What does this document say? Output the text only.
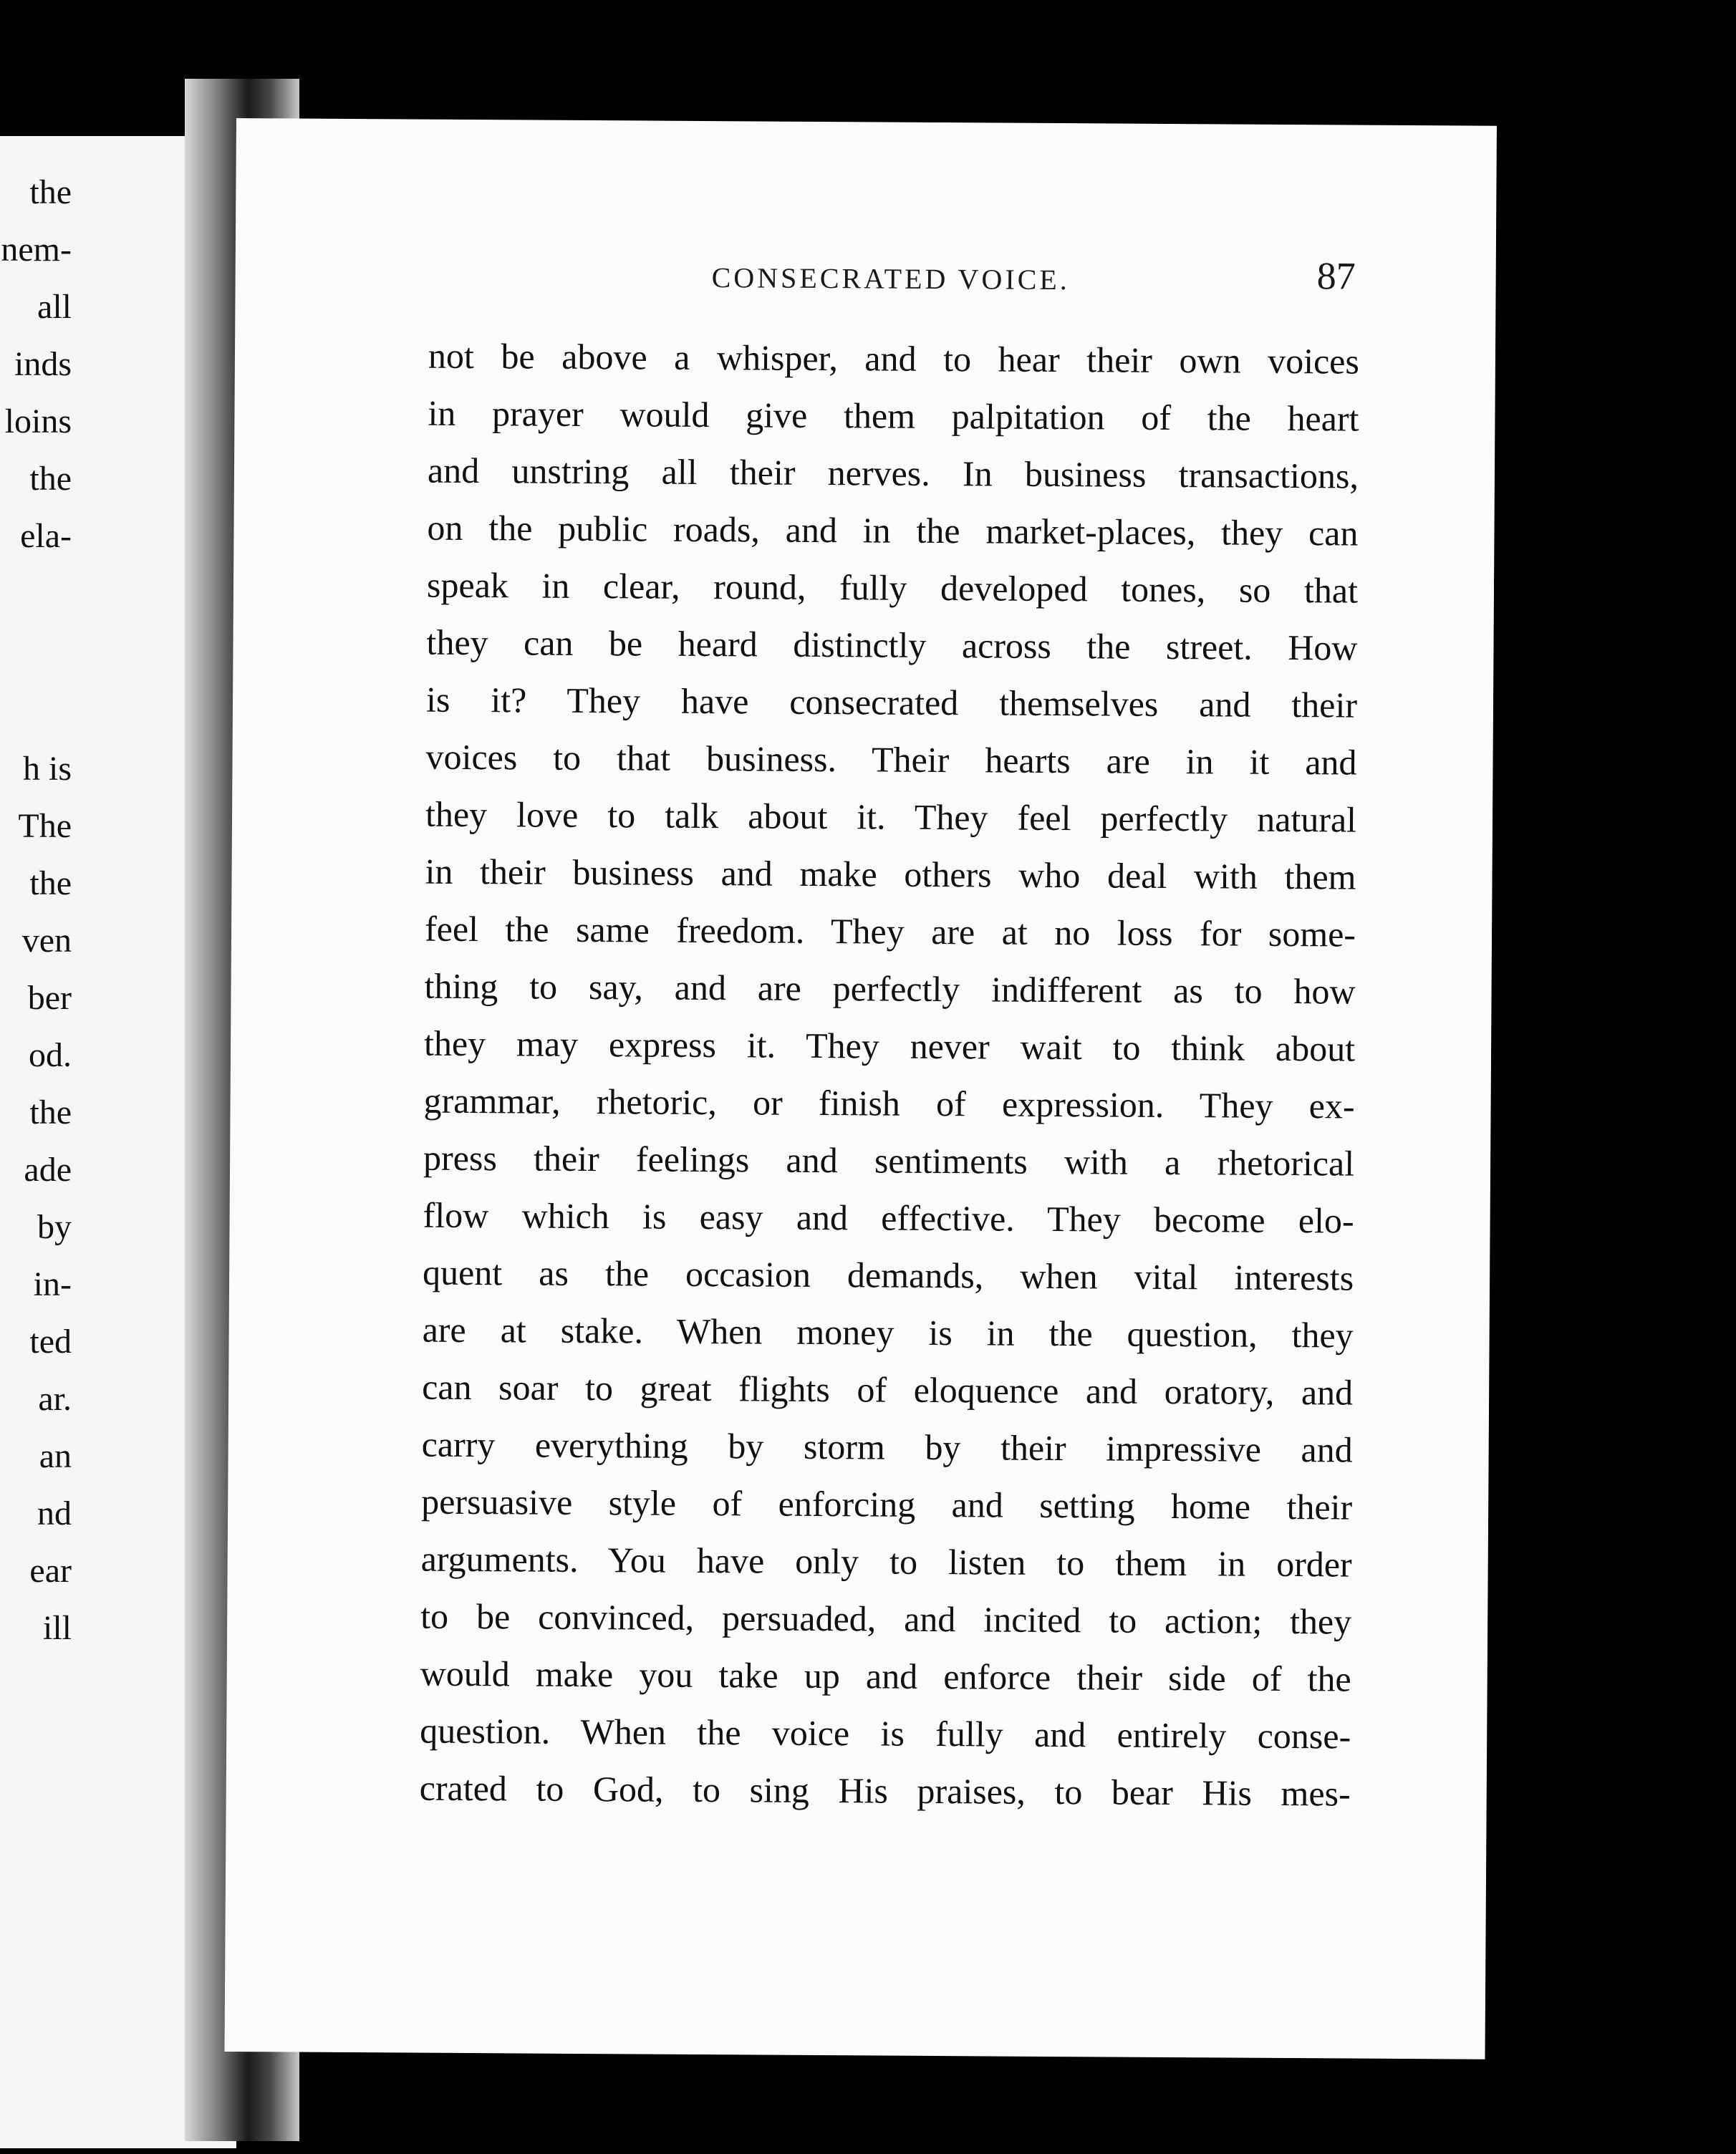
the
nem-
all
inds
loins
the
ela-
h is
The
the
ven
ber
od.
the
ade
by
in-
ted
ar.
an
nd
ear
ill
CONSECRATED VOICE.	87
not be above a whisper, and to hear their own voices
in prayer would give them palpitation of the heart
and unstring all their nerves. In business transactions,
on the public roads, and in the market-places, they can
speak in clear, round, fully developed tones, so that
they can be heard distinctly across the street. How
is it? They have consecrated themselves and their
voices to that business. Their hearts are in it and
they love to talk about it. They feel perfectly natural
in their business and make others who deal with them
feel the same freedom. They are at no loss for some-
thing to say, and are perfectly indifferent as to how
they may express it. They never wait to think about
grammar, rhetoric, or finish of expression. They ex-
press their feelings and sentiments with a rhetorical
flow which is easy and effective. They become elo-
quent as the occasion demands, when vital interests
are at stake. When money is in the question, they
can soar to great flights of eloquence and oratory, and
carry everything by storm by their impressive and
persuasive style of enforcing and setting home their
arguments. You have only to listen to them in order
to be convinced, persuaded, and incited to action; they
would make you take up and enforce their side of the
question. When the voice is fully and entirely conse-
crated to God, to sing His praises, to bear His mes-
